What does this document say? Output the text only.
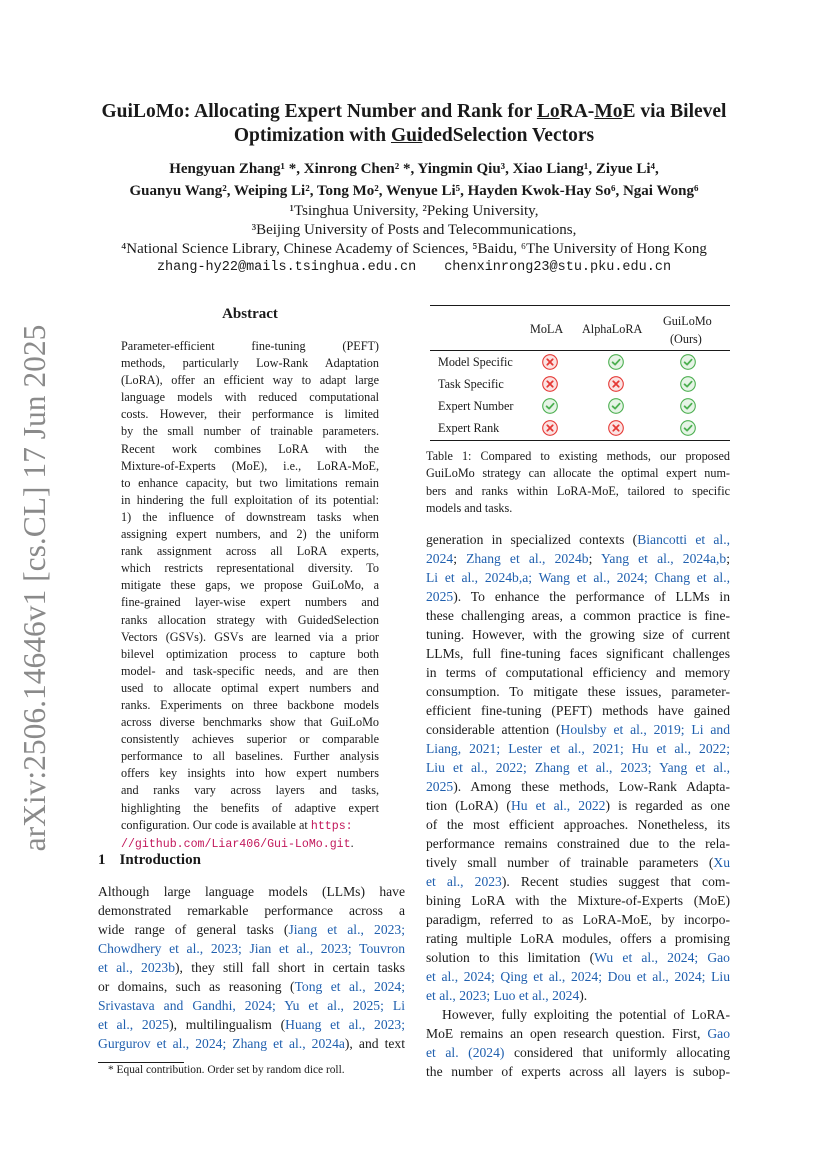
arXiv:2506.14646v1 [cs.CL] 17 Jun 2025
GuiLoMo: Allocating Expert Number and Rank for LoRA-MoE via Bilevel
Optimization with GuidedSelection Vectors
Hengyuan Zhang¹ *, Xinrong Chen² *, Yingmin Qiu³, Xiao Liang¹, Ziyue Li⁴,
Guanyu Wang², Weiping Li², Tong Mo², Wenyue Li⁵, Hayden Kwok-Hay So⁶, Ngai Wong⁶
¹Tsinghua University, ²Peking University,
³Beijing University of Posts and Telecommunications,
⁴National Science Library, Chinese Academy of Sciences, ⁵Baidu, ⁶The University of Hong Kong
zhang-hy22@mails.tsinghua.edu.cn chenxinrong23@stu.pku.edu.cn
Abstract
Parameter-efficient fine-tuning (PEFT)
methods, particularly Low-Rank Adaptation
(LoRA), offer an efficient way to adapt large
language models with reduced computational
costs. However, their performance is limited
by the small number of trainable parameters.
Recent work combines LoRA with the
Mixture-of-Experts (MoE), i.e., LoRA-MoE,
to enhance capacity, but two limitations remain
in hindering the full exploitation of its potential:
1) the influence of downstream tasks when
assigning expert numbers, and 2) the uniform
rank assignment across all LoRA experts,
which restricts representational diversity. To
mitigate these gaps, we propose GuiLoMo, a
fine-grained layer-wise expert numbers and
ranks allocation strategy with GuidedSelection
Vectors (GSVs). GSVs are learned via a prior
bilevel optimization process to capture both
model- and task-specific needs, and are then
used to allocate optimal expert numbers and
ranks. Experiments on three backbone models
across diverse benchmarks show that GuiLoMo
consistently achieves superior or comparable
performance to all baselines. Further analysis
offers key insights into how expert numbers
and ranks vary across layers and tasks,
highlighting the benefits of adaptive expert
configuration. Our code is available at https:
//github.com/Liar406/Gui-LoMo.git.
1 Introduction
Although large language models (LLMs) have
demonstrated remarkable performance across a
wide range of general tasks (Jiang et al., 2023;
Chowdhery et al., 2023; Jian et al., 2023; Touvron
et al., 2023b), they still fall short in certain tasks
or domains, such as reasoning (Tong et al., 2024;
Srivastava and Gandhi, 2024; Yu et al., 2025; Li
et al., 2025), multilingualism (Huang et al., 2023;
Gurgurov et al., 2024; Zhang et al., 2024a), and text
* Equal contribution. Order set by random dice roll.
MoLA AlphaLoRA
GuiLoMo
(Ours)
Model Specific
Task Specific
Expert Number
Expert Rank
Table 1: Compared to existing methods, our proposed
GuiLoMo strategy can allocate the optimal expert num-
bers and ranks within LoRA-MoE, tailored to specific
models and tasks.
generation in specialized contexts (Biancotti et al.,
2024; Zhang et al., 2024b; Yang et al., 2024a,b;
Li et al., 2024b,a; Wang et al., 2024; Chang et al.,
2025). To enhance the performance of LLMs in
these challenging areas, a common practice is fine-
tuning. However, with the growing size of current
LLMs, full fine-tuning faces significant challenges
in terms of computational efficiency and memory
consumption. To mitigate these issues, parameter-
efficient fine-tuning (PEFT) methods have gained
considerable attention (Houlsby et al., 2019; Li and
Liang, 2021; Lester et al., 2021; Hu et al., 2022;
Liu et al., 2022; Zhang et al., 2023; Yang et al.,
2025). Among these methods, Low-Rank Adapta-
tion (LoRA) (Hu et al., 2022) is regarded as one
of the most efficient approaches. Nonetheless, its
performance remains constrained due to the rela-
tively small number of trainable parameters (Xu
et al., 2023). Recent studies suggest that com-
bining LoRA with the Mixture-of-Experts (MoE)
paradigm, referred to as LoRA-MoE, by incorpo-
rating multiple LoRA modules, offers a promising
solution to this limitation (Wu et al., 2024; Gao
et al., 2024; Qing et al., 2024; Dou et al., 2024; Liu
et al., 2023; Luo et al., 2024).
However, fully exploiting the potential of LoRA-
MoE remains an open research question. First, Gao
et al. (2024) considered that uniformly allocating
the number of experts across all layers is subop-
